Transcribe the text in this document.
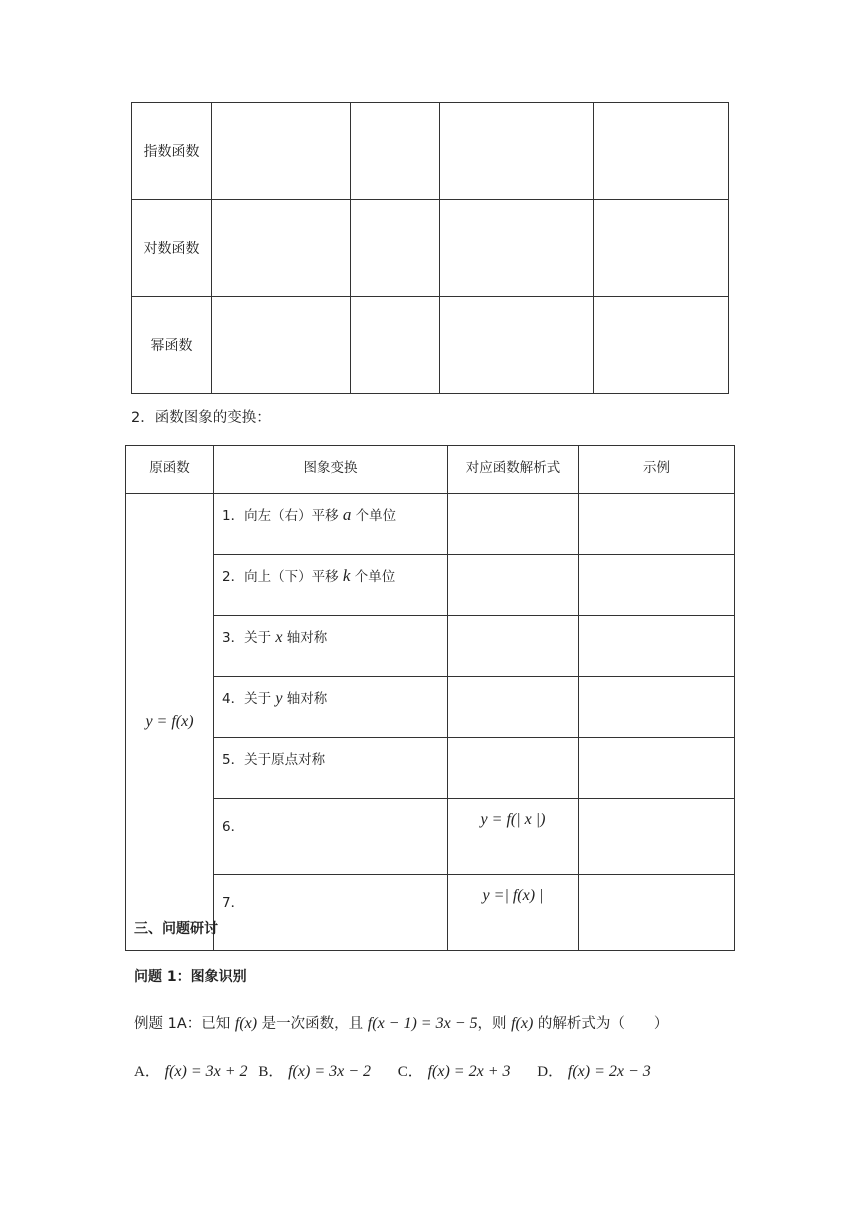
指数函数				
对数函数				
幂函数				
2．函数图象的变换：
原函数	图象变换	对应函数解析式	示例
y = f(x)	1．向左（右）平移 a 个单位		
	2．向上（下）平移 k 个单位		
	3．关于 x 轴对称		
	4．关于 y 轴对称		
	5．关于原点对称		
	6．	y = f(| x |)	
	7．	y =| f(x) |	
三、问题研讨
问题 1：图象识别
例题 1A：已知 f(x) 是一次函数，且 f(x − 1) = 3x − 5，则 f(x) 的解析式为（　　）
A． f(x) = 3x + 2 B． f(x) = 3x − 2 C． f(x) = 2x + 3 D． f(x) = 2x − 3
